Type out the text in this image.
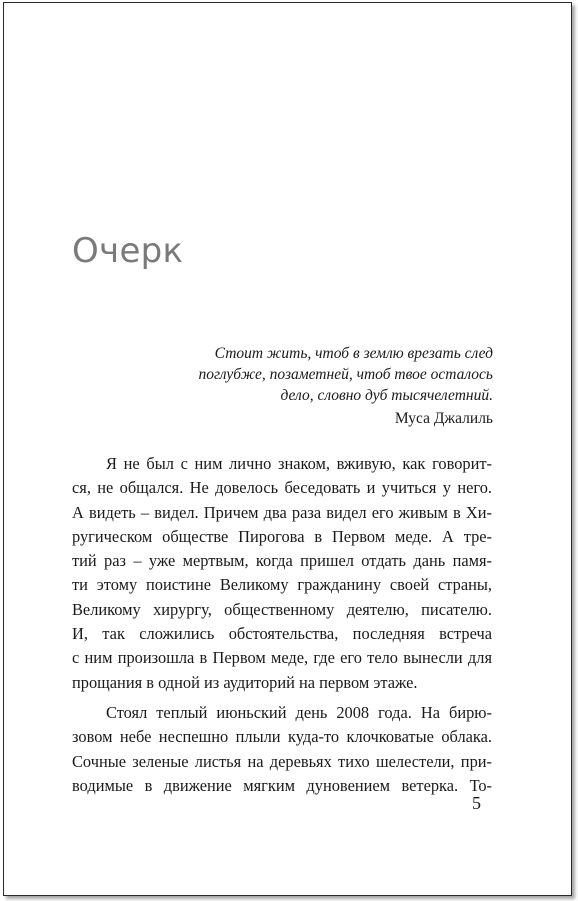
Очерк
Стоит жить, чтоб в землю врезать след
поглубже, позаметней, чтоб твое осталось
дело, словно дуб тысячелетний.
Муса Джалиль
Я не был с ним лично знаком, вживую, как говорит-
ся, не общался. Не довелось беседовать и учиться у него.
А видеть – видел. Причем два раза видел его живым в Хи-
ругическом обществе Пирогова в Первом меде. А тре-
тий раз – уже мертвым, когда пришел отдать дань памя-
ти этому поистине Великому гражданину своей страны,
Великому хирургу, общественному деятелю, писателю.
И, так сложились обстоятельства, последняя встреча
с ним произошла в Первом меде, где его тело вынесли для
прощания в одной из аудиторий на первом этаже.
Стоял теплый июньский день 2008 года. На бирю-
зовом небе неспешно плыли куда-то клочковатые облака.
Сочные зеленые листья на деревьях тихо шелестели, при-
водимые в движение мягким дуновением ветерка. То-
5
